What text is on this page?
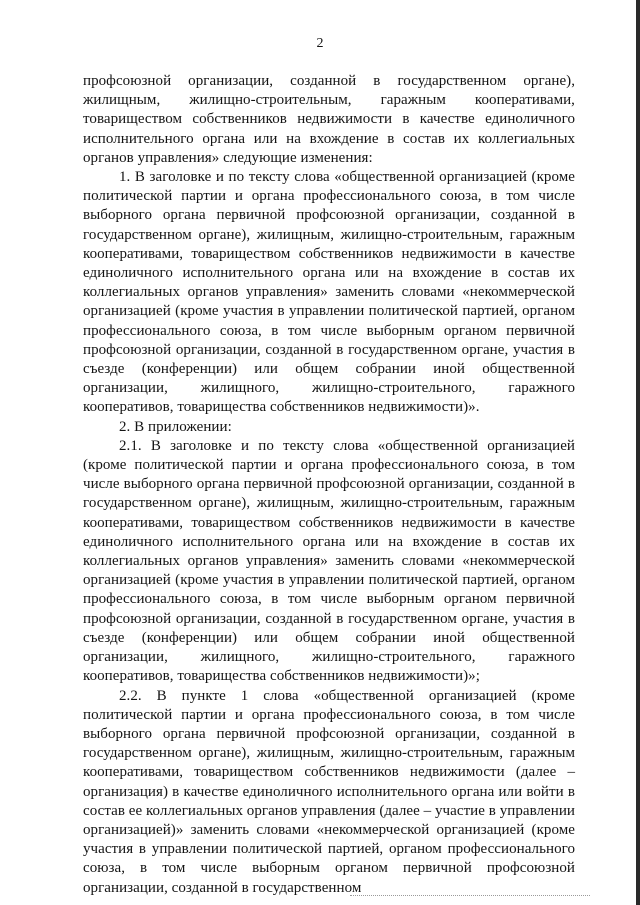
2

профсоюзной организации, созданной в государственном органе), жилищным, жилищно-строительным, гаражным кооперативами, товариществом собственников недвижимости в качестве единоличного исполнительного органа или на вхождение в состав их коллегиальных органов управления» следующие изменения:

1. В заголовке и по тексту слова «общественной организацией (кроме политической партии и органа профессионального союза, в том числе выборного органа первичной профсоюзной организации, созданной в государственном органе), жилищным, жилищно-строительным, гаражным кооперативами, товариществом собственников недвижимости в качестве единоличного исполнительного органа или на вхождение в состав их коллегиальных органов управления» заменить словами «некоммерческой организацией (кроме участия в управлении политической партией, органом профессионального союза, в том числе выборным органом первичной профсоюзной организации, созданной в государственном органе, участия в съезде (конференции) или общем собрании иной общественной организации, жилищного, жилищно-строительного, гаражного кооперативов, товарищества собственников недвижимости)».

2. В приложении:

2.1. В заголовке и по тексту слова «общественной организацией (кроме политической партии и органа профессионального союза, в том числе выборного органа первичной профсоюзной организации, созданной в государственном органе), жилищным, жилищно-строительным, гаражным кооперативами, товариществом собственников недвижимости в качестве единоличного исполнительного органа или на вхождение в состав их коллегиальных органов управления» заменить словами «некоммерческой организацией (кроме участия в управлении политической партией, органом профессионального союза, в том числе выборным органом первичной профсоюзной организации, созданной в государственном органе, участия в съезде (конференции) или общем собрании иной общественной организации, жилищного, жилищно-строительного, гаражного кооперативов, товарищества собственников недвижимости)»;

2.2. В пункте 1 слова «общественной организацией (кроме политической партии и органа профессионального союза, в том числе выборного органа первичной профсоюзной организации, созданной в государственном органе), жилищным, жилищно-строительным, гаражным кооперативами, товариществом собственников недвижимости (далее – организация) в качестве единоличного исполнительного органа или войти в состав ее коллегиальных органов управления (далее – участие в управлении организацией)» заменить словами «некоммерческой организацией (кроме участия в управлении политической партией, органом профессионального союза, в том числе выборным органом первичной профсоюзной организации, созданной в государственном
